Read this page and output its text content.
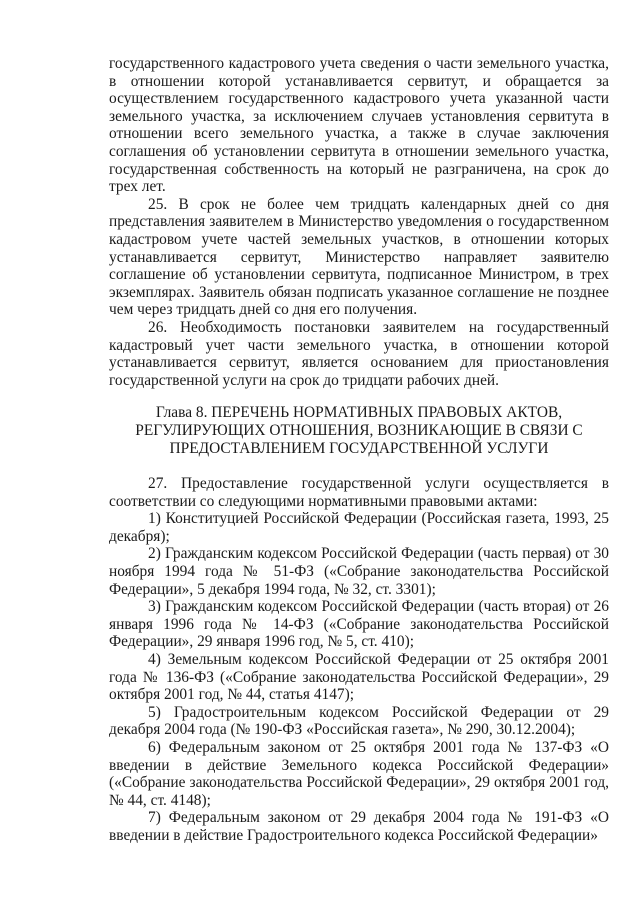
государственного кадастрового учета сведения о части земельного участка, в отношении которой устанавливается сервитут, и обращается за осуществлением государственного кадастрового учета указанной части земельного участка, за исключением случаев установления сервитута в отношении всего земельного участка, а также в случае заключения соглашения об установлении сервитута в отношении земельного участка, государственная собственность на который не разграничена, на срок до трех лет.

25. В срок не более чем тридцать календарных дней со дня представления заявителем в Министерство уведомления о государственном кадастровом учете частей земельных участков, в отношении которых устанавливается сервитут, Министерство направляет заявителю соглашение об установлении сервитута, подписанное Министром, в трех экземплярах. Заявитель обязан подписать указанное соглашение не позднее чем через тридцать дней со дня его получения.

26. Необходимость постановки заявителем на государственный кадастровый учет части земельного участка, в отношении которой устанавливается сервитут, является основанием для приостановления государственной услуги на срок до тридцати рабочих дней.

Глава 8. ПЕРЕЧЕНЬ НОРМАТИВНЫХ ПРАВОВЫХ АКТОВ,
РЕГУЛИРУЮЩИХ ОТНОШЕНИЯ, ВОЗНИКАЮЩИЕ В СВЯЗИ С
ПРЕДОСТАВЛЕНИЕМ ГОСУДАРСТВЕННОЙ УСЛУГИ

27. Предоставление государственной услуги осуществляется в соответствии со следующими нормативными правовыми актами:

1) Конституцией Российской Федерации (Российская газета, 1993, 25 декабря);

2) Гражданским кодексом Российской Федерации (часть первая) от 30 ноября 1994 года № 51-ФЗ («Собрание законодательства Российской Федерации», 5 декабря 1994 года, № 32, ст. 3301);

3) Гражданским кодексом Российской Федерации (часть вторая) от 26 января 1996 года № 14-ФЗ («Собрание законодательства Российской Федерации», 29 января 1996 год, № 5, ст. 410);

4) Земельным кодексом Российской Федерации от 25 октября 2001 года № 136-ФЗ («Собрание законодательства Российской Федерации», 29 октября 2001 год, № 44, статья 4147);

5) Градостроительным кодексом Российской Федерации от 29 декабря 2004 года (№ 190-ФЗ «Российская газета», № 290, 30.12.2004);

6) Федеральным законом от 25 октября 2001 года № 137-ФЗ «О введении в действие Земельного кодекса Российской Федерации» («Собрание законодательства Российской Федерации», 29 октября 2001 год, № 44, ст. 4148);

7) Федеральным законом от 29 декабря 2004 года № 191-ФЗ «О введении в действие Градостроительного кодекса Российской Федерации»
